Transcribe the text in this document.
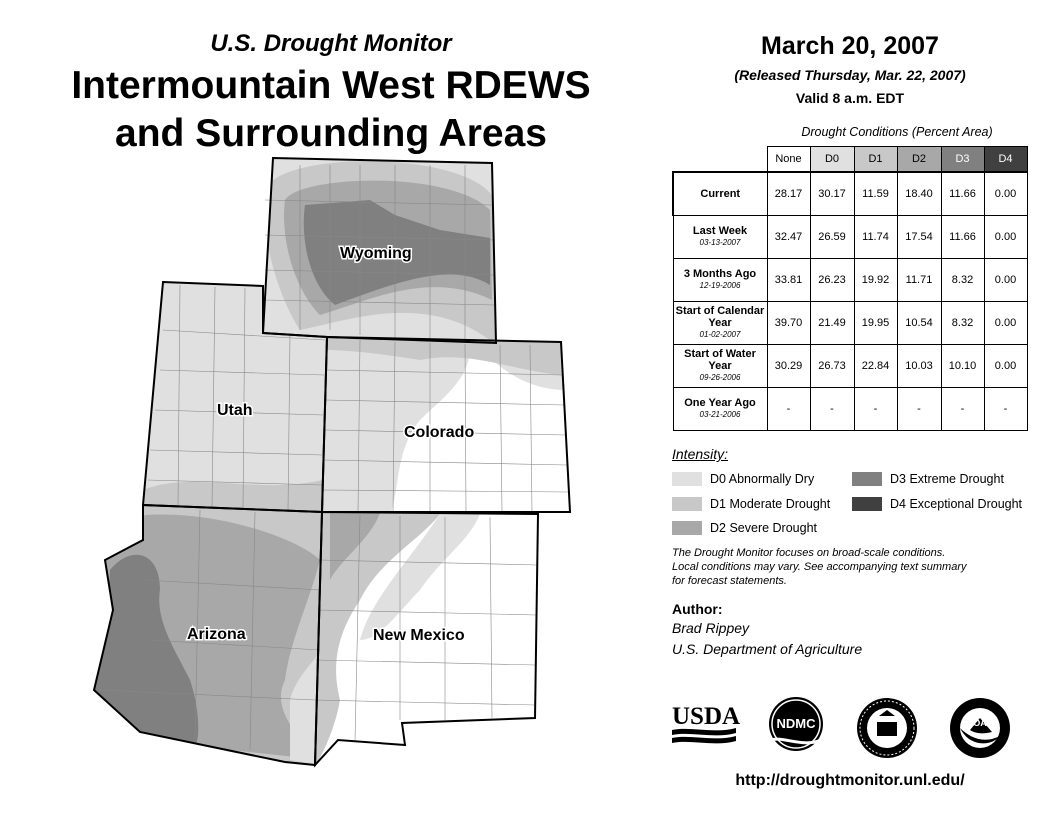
U.S. Drought Monitor
Intermountain West RDEWS
and Surrounding Areas
Wyoming
Utah
Colorado
Arizona	New Mexico
March 20, 2007
(Released Thursday, Mar. 22, 2007)
Valid 8 a.m. EDT
Drought Conditions (Percent Area)
	None	D0	D1	D2	D3	D4
Current	28.17	30.17	11.59	18.40	11.66	0.00
Last Week
03-13-2007	32.47	26.59	11.74	17.54	11.66	0.00
3 Months Ago
12-19-2006	33.81	26.23	19.92	11.71	8.32	0.00
Start of Calendar Year
01-02-2007	39.70	21.49	19.95	10.54	8.32	0.00
Start of Water Year
09-26-2006	30.29	26.73	22.84	10.03	10.10	0.00
One Year Ago
03-21-2006	-	-	-	-	-	-
Intensity:
D0 Abnormally Dry
D1 Moderate Drought
D2 Severe Drought
D3 Extreme Drought
D4 Exceptional Drought
The Drought Monitor focuses on broad-scale conditions.
Local conditions may vary. See accompanying text summary
for forecast statements.
Author:
Brad Rippey
U.S. Department of Agriculture
USDA	NDMC	NOAA
http://droughtmonitor.unl.edu/
